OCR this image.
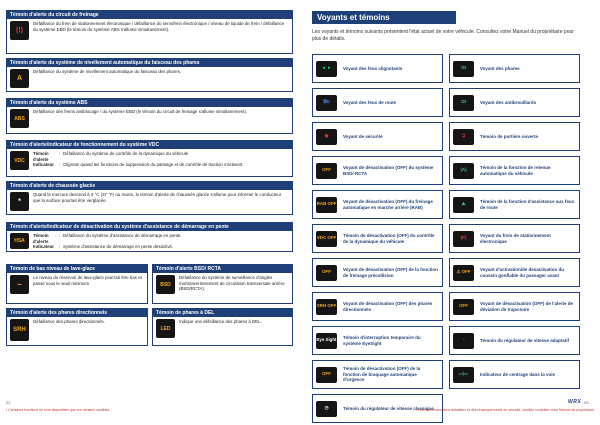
Témoin d'alerte du circuit de freinage
(!)
Défaillance du frein de stationnement électronique / défaillance du servofrein électronique / niveau de liquide de frein / défaillance du système EBD (le témoin du système ABS s'allume simultanément).
Témoin d'alerte du système de nivellement automatique du faisceau des phares
A
Défaillance du système de nivellement automatique du faisceau des phares.
Témoin d'alerte du système ABS
ABS
Défaillance des freins antiblocage / du système EBD (le témoin du circuit de freinage s'allume simultanément).
Témoin d'alerte/indicateur de fonctionnement du système VDC
VDC
Témoin d'alerte
: Défaillance du système de contrôle de la dynamique du véhicule.
Indicateur	: Clignote quand les fonctions de suppression du patinage et de contrôle de traction s'activent.
Témoin d'alerte de chaussée glacée
*
Quand le mercure descend à 3 °C (37 °F) ou moins, le témoin d'alerte de chaussée glacée s'allume pour informer le conducteur que la surface pourrait être verglacée.
Témoin d'alerte/indicateur de désactivation du système d'assistance de démarrage en pente
HSA
Témoin d'alerte
: Défaillance du système d'assistance de démarrage en pente.
Indicateur	: Système d'assistance de démarrage en pente désactivé.
Témoin de bas niveau de lave-glace
~
Le niveau du réservoir de lave-glace pourrait être bas et passé sous le seuil minimum
Témoin d'alerte BSD/ RCTA
BSD
Défaillance du système de surveillance d'angles morts/avertissement de circulation transversale arrière (BSD/RCTA).
Témoin d'alerte des phares directionnels
SRH
Défaillance des phares directionnels.
Témoin de phares à DEL
LED
Indique une défaillance des phares à DEL.
22
• Certaines fonctions ne sont disponibles que sur certains modèles.
Voyants et témoins
Les voyants et témoins suivants présentent l'état actuel de votre véhicule. Consultez votre Manuel du propriétaire pour plus de détails.
◄ ►	Voyant des feux clignotants	≡D	Voyant des phares
≣D	Voyant des feux de route	‡D	Voyant des antibrouillards
◉	Voyant de sécurité	⊐	Témoin de portière ouverte
OFF	Voyant de désactivation (OFF) du système BSD/ RCTA
(A)	Témoin de la fonction de retenue automatique du véhicule
RAB OFF Voyant de désactivation (OFF) du freinage automatique en marche arrière (RAB)
⛰	Témoin de la fonction d'assistance aux feux de route
VDC OFF Témoin de désactivation (OFF) du contrôle de la dynamique du véhicule
(P)	Voyant du frein de stationnement électronique
OFF	Voyant de désactivation (OFF) de la fonction de freinage précollision
⚠ OFF Voyant d'activation/de désactivation du coussin gonflable du passager avant
SRH OFF Voyant de désactivation (OFF) des phares directionnels
OFF	Voyant de désactivation (OFF) de l'alerte de déviation de trajectoire
Eye Sight Témoin d'interruption temporaire du système EyeSight
◔	Témoin du régulateur de vitesse adaptatif
OFF
Témoin de désactivation (OFF) de la fonction de braquage automatique d'urgence
═╪═	Indicateur de centrage dans la voie
◷	Témoin du régulateur de vitesse classique
WRX 23
• Pour des instructions détaillées et des renseignements de sécurité, veuillez consulter votre Manuel du propriétaire.
